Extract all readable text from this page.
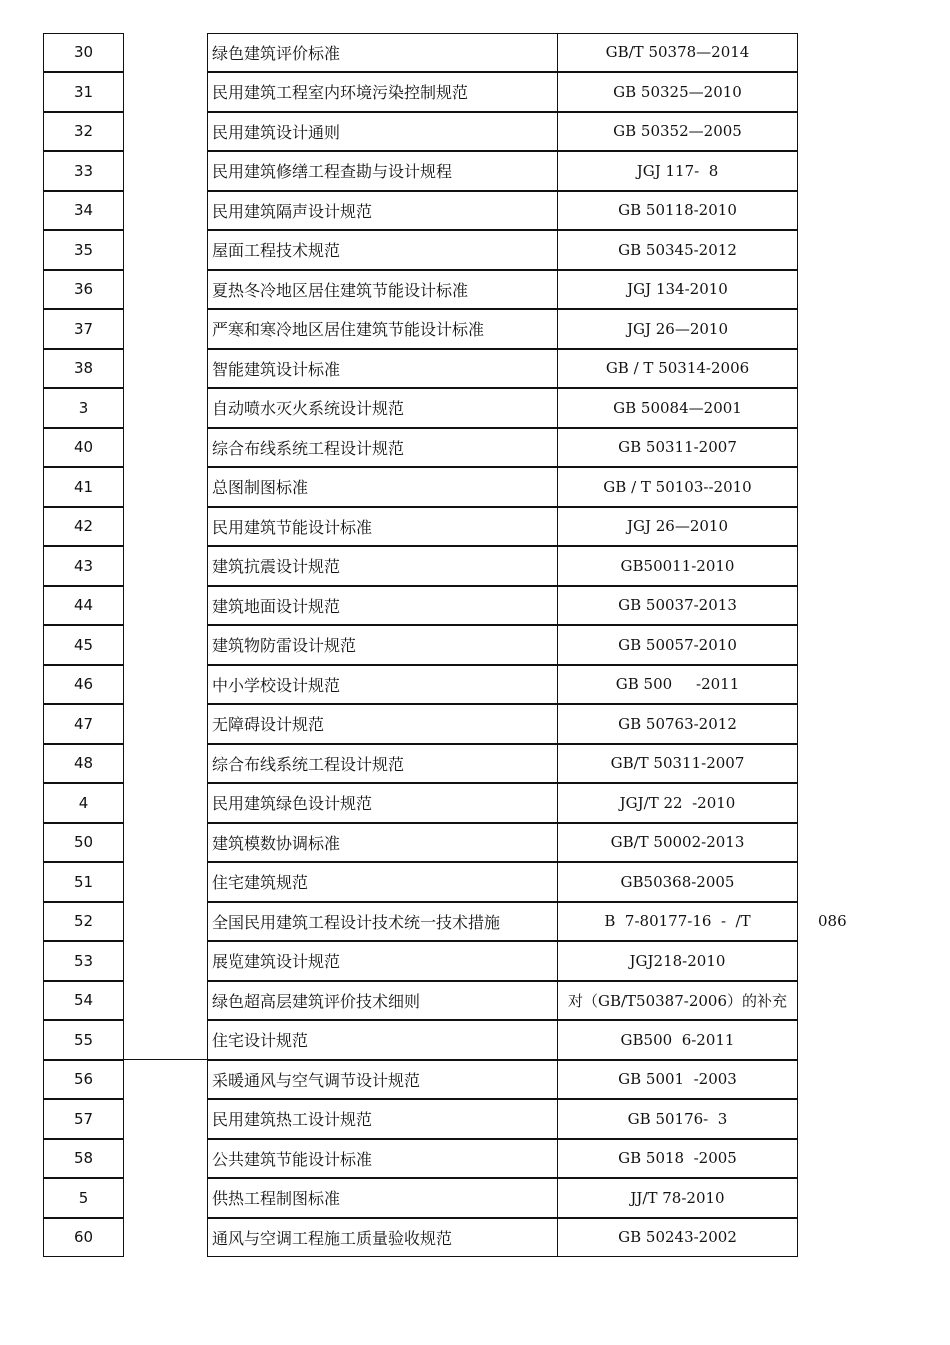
30	绿色建筑评价标准	GB/T 50378—2014
31	民用建筑工程室内环境污染控制规范	GB 50325—2010
32	民用建筑设计通则	GB 50352—2005
33	民用建筑修缮工程查勘与设计规程	JGJ 117-  8
34	民用建筑隔声设计规范	GB 50118-2010
35	屋面工程技术规范	GB 50345-2012
36	夏热冬冷地区居住建筑节能设计标准	JGJ 134-2010
37	严寒和寒冷地区居住建筑节能设计标准	JGJ 26—2010
38	智能建筑设计标准	GB / T 50314-2006
3	自动喷水灭火系统设计规范	GB 50084—2001
40	综合布线系统工程设计规范	GB 50311-2007
41	总图制图标准	GB / T 50103--2010
42	民用建筑节能设计标准	JGJ 26—2010
43	建筑抗震设计规范	GB50011-2010
44	建筑地面设计规范	GB 50037-2013
45	建筑物防雷设计规范	GB 50057-2010
46	中小学校设计规范	GB 500     -2011
47	无障碍设计规范	GB 50763-2012
48	综合布线系统工程设计规范	GB/T 50311-2007
4	民用建筑绿色设计规范	JGJ/T 22  -2010
50	建筑模数协调标准	GB/T 50002-2013
51	住宅建筑规范	GB50368-2005
52	全国民用建筑工程设计技术统一技术措施	B  7-80177-16  -  /T	086
53	展览建筑设计规范	JGJ218-2010
54	绿色超高层建筑评价技术细则	对（GB/T50387-2006）的补充
55	住宅设计规范	GB500  6-2011
56	采暖通风与空气调节设计规范	GB 5001  -2003
57	民用建筑热工设计规范	GB 50176-  3
58	公共建筑节能设计标准	GB 5018  -2005
5	供热工程制图标准	JJ/T 78-2010
60	通风与空调工程施工质量验收规范	GB 50243-2002
